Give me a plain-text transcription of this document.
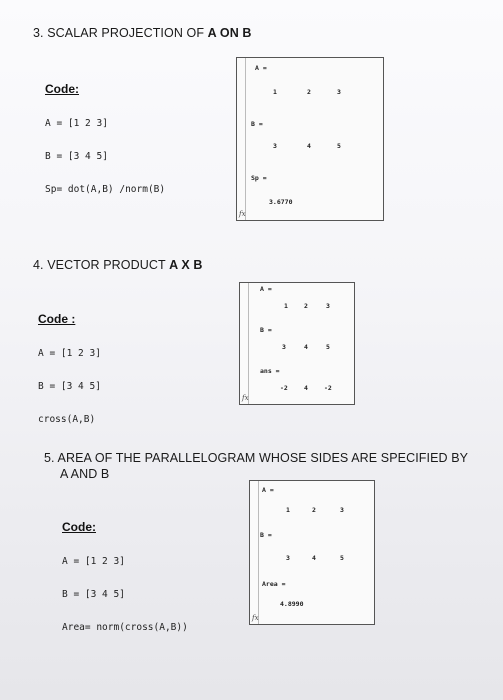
3. SCALAR PROJECTION OF A ON B

Code:

A = [1 2 3]

B = [3 4 5]

Sp= dot(A,B) /norm(B)

A =
1	2	3
B =
3	4	5
Sp =
3.6770
fx
4. VECTOR PRODUCT A X B

Code :

A = [1 2 3]

B = [3 4 5]

cross(A,B)

A =
1 2	3
B =
3	4	5
ans =
-2 4 -2
fx
5. AREA OF THE PARALLELOGRAM WHOSE SIDES ARE SPECIFIED BY
A AND B

Code:

A = [1 2 3]

B = [3 4 5]

Area= norm(cross(A,B))

A =
1	2	3
B =
3	4	5
Area =
4.8990
fx
